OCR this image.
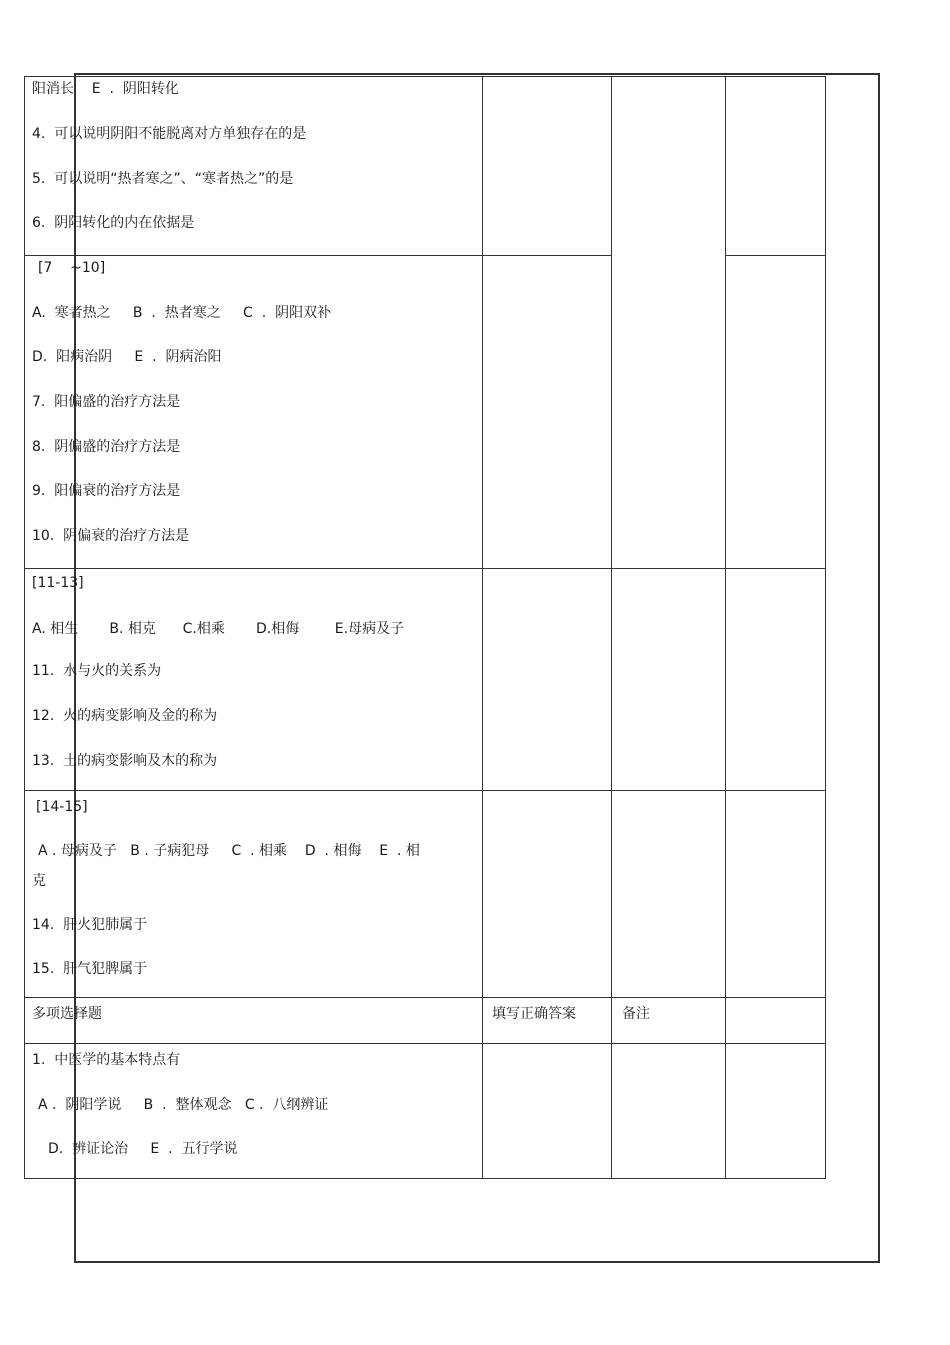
阳消长    E  .  阴阳转化
4.  可以说明阴阳不能脱离对方单独存在的是
5.  可以说明“热者寒之”、“寒者热之”的是
6.  阴阳转化的内在依据是
[7    ~10]
A.  寒者热之     B  .  热者寒之     C  .  阴阳双补
D.  阳病治阴     E  .  阴病治阳
7.  阳偏盛的治疗方法是
8.  阴偏盛的治疗方法是
9.  阳偏衰的治疗方法是
10.  阴偏衰的治疗方法是
[11-13]
A. 相生       B. 相克      C.相乘       D.相侮        E.母病及子
11.  水与火的关系为
12.  火的病变影响及金的称为
13.  土的病变影响及木的称为
[14-15]
A . 母病及子   B . 子病犯母     C  . 相乘    D  . 相侮    E  . 相
克
14.  肝火犯肺属于
15.  肝气犯脾属于
多项选择题	填写正确答案	备注
1.  中医学的基本特点有
A .  阴阳学说     B  .  整体观念   C .  八纲辨证
D.  辨证论治     E  .  五行学说
